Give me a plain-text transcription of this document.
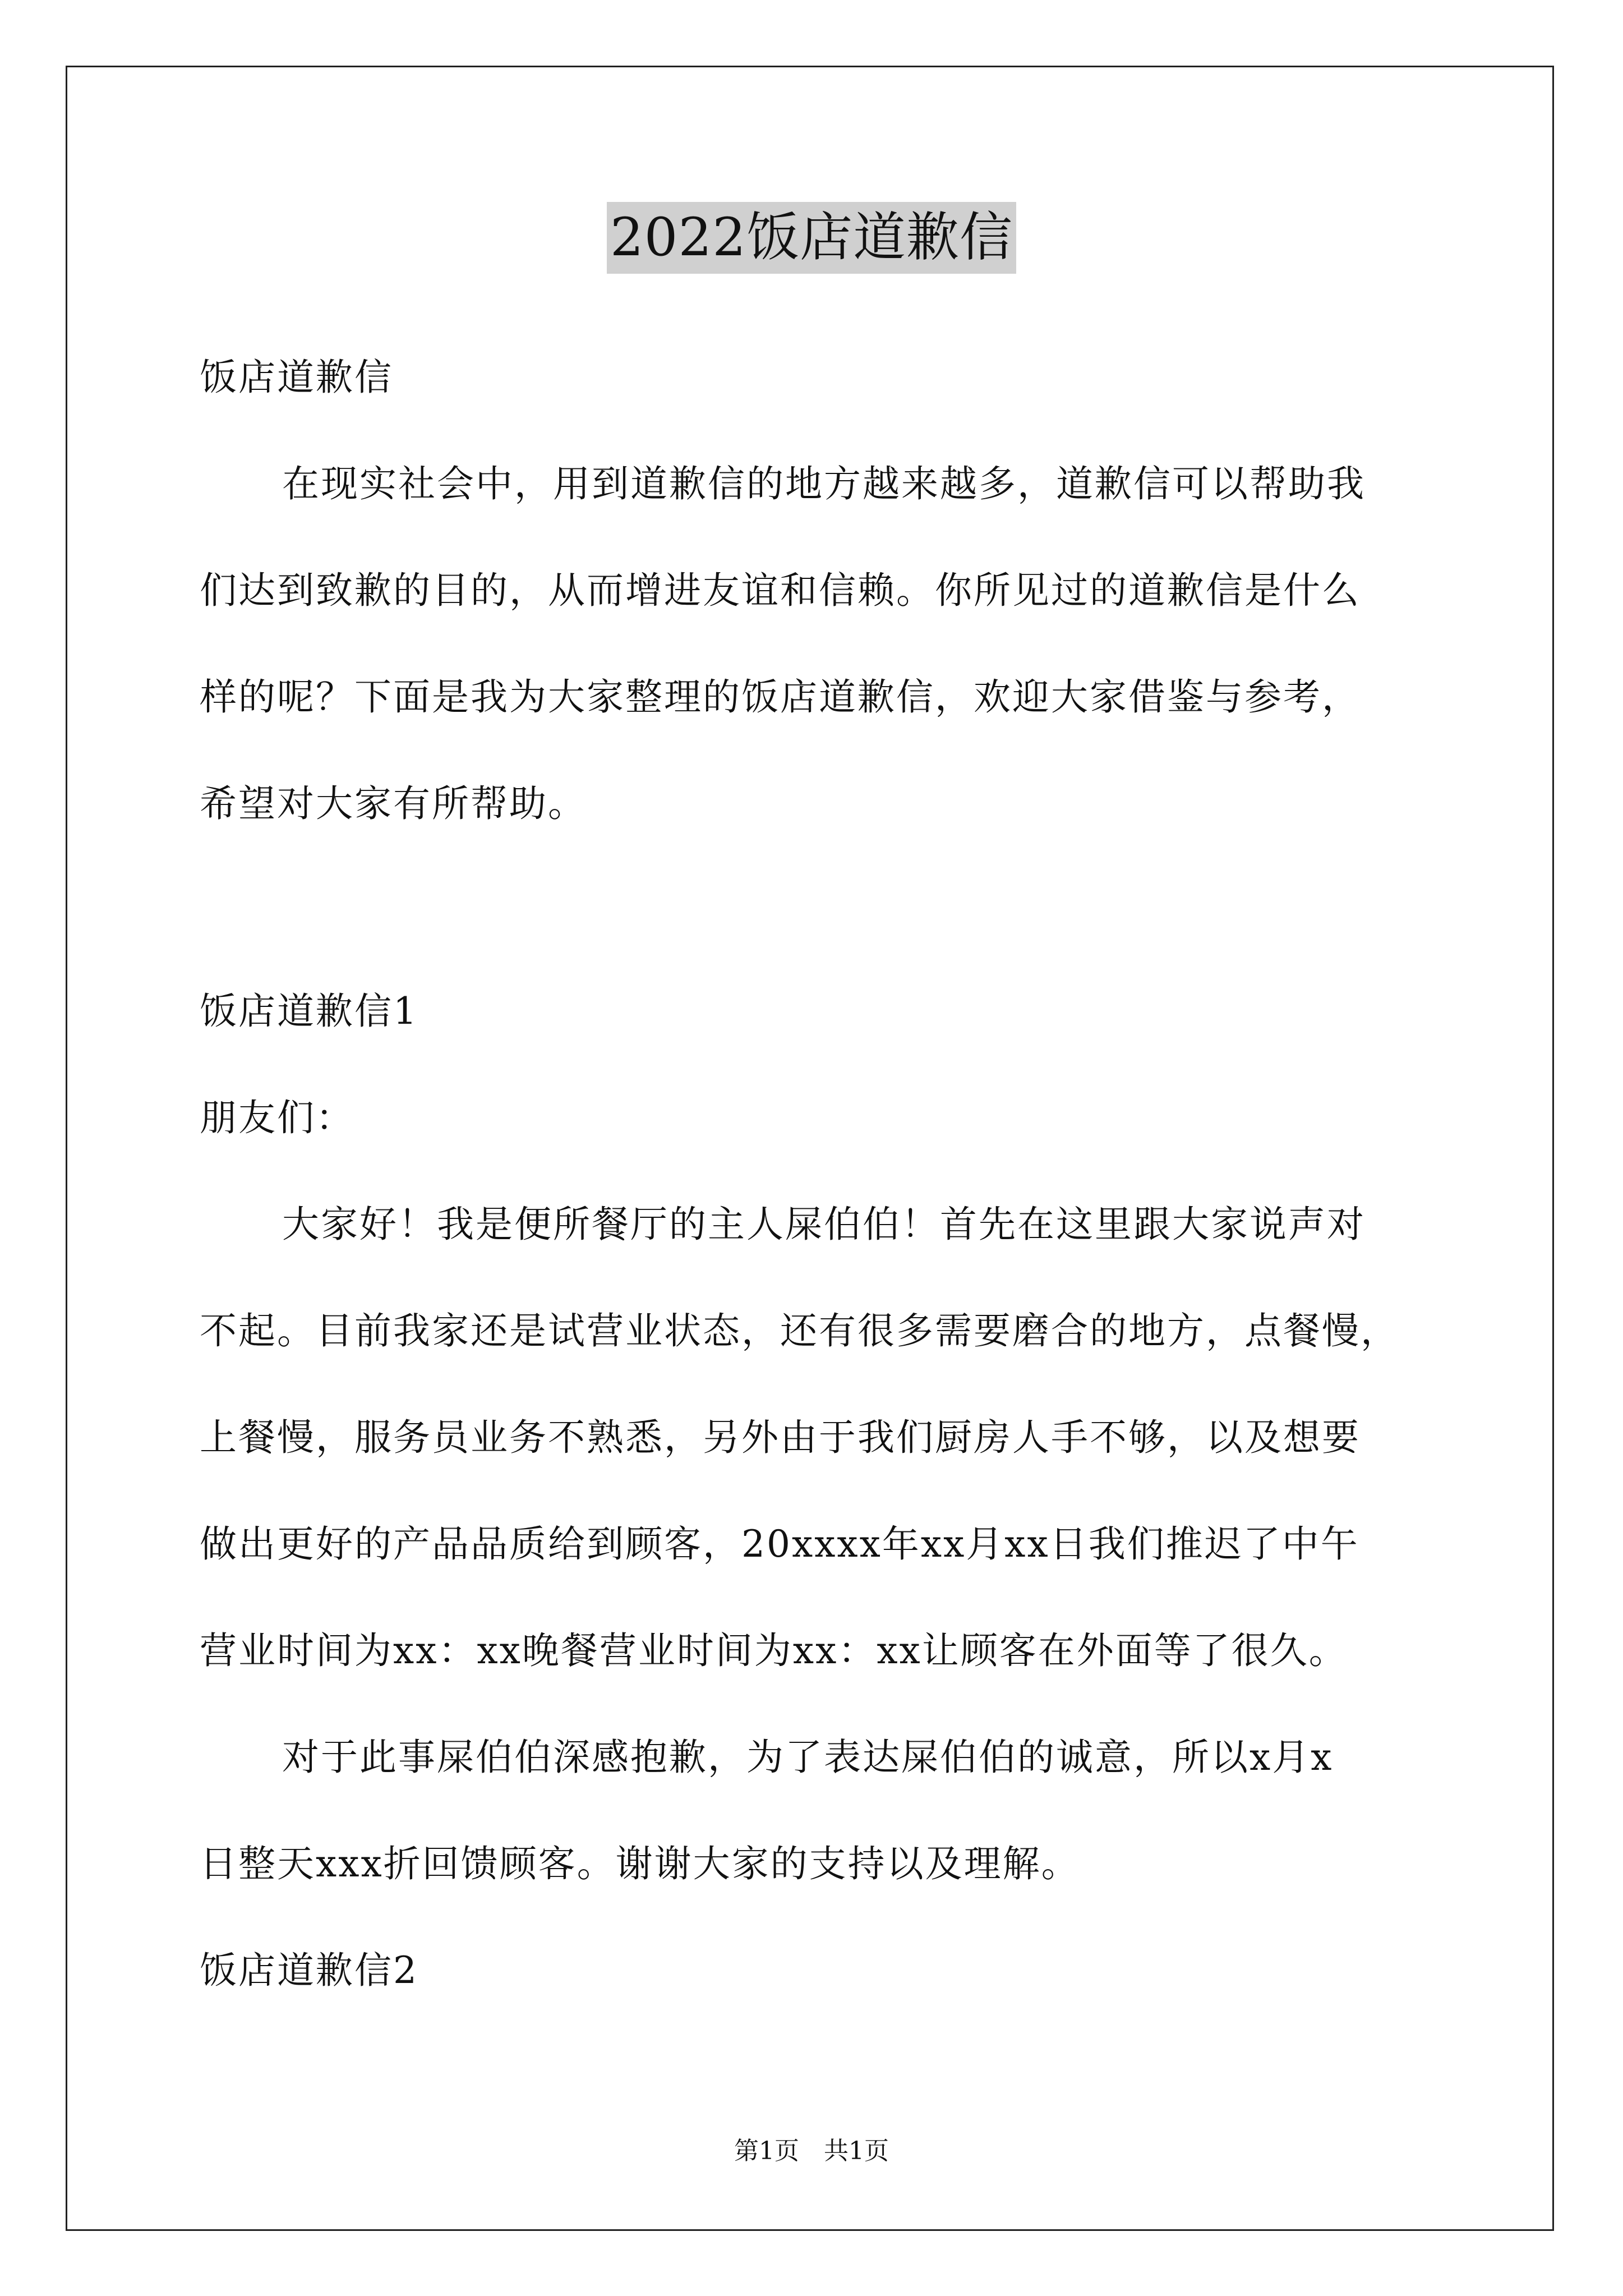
2022饭店道歉信
饭店道歉信
在现实社会中，用到道歉信的地方越来越多，道歉信可以帮助我
们达到致歉的目的，从而增进友谊和信赖。你所见过的道歉信是什么
样的呢？下面是我为大家整理的饭店道歉信，欢迎大家借鉴与参考，
希望对大家有所帮助。
饭店道歉信1
朋友们：
大家好！我是便所餐厅的主人屎伯伯！首先在这里跟大家说声对
不起。目前我家还是试营业状态，还有很多需要磨合的地方，点餐慢，
上餐慢，服务员业务不熟悉，另外由于我们厨房人手不够，以及想要
做出更好的产品品质给到顾客，20xxxx年xx月xx日我们推迟了中午
营业时间为xx：xx晚餐营业时间为xx：xx让顾客在外面等了很久。
对于此事屎伯伯深感抱歉，为了表达屎伯伯的诚意，所以x月x
日整天xxx折回馈顾客。谢谢大家的支持以及理解。
饭店道歉信2
第1页　共1页
